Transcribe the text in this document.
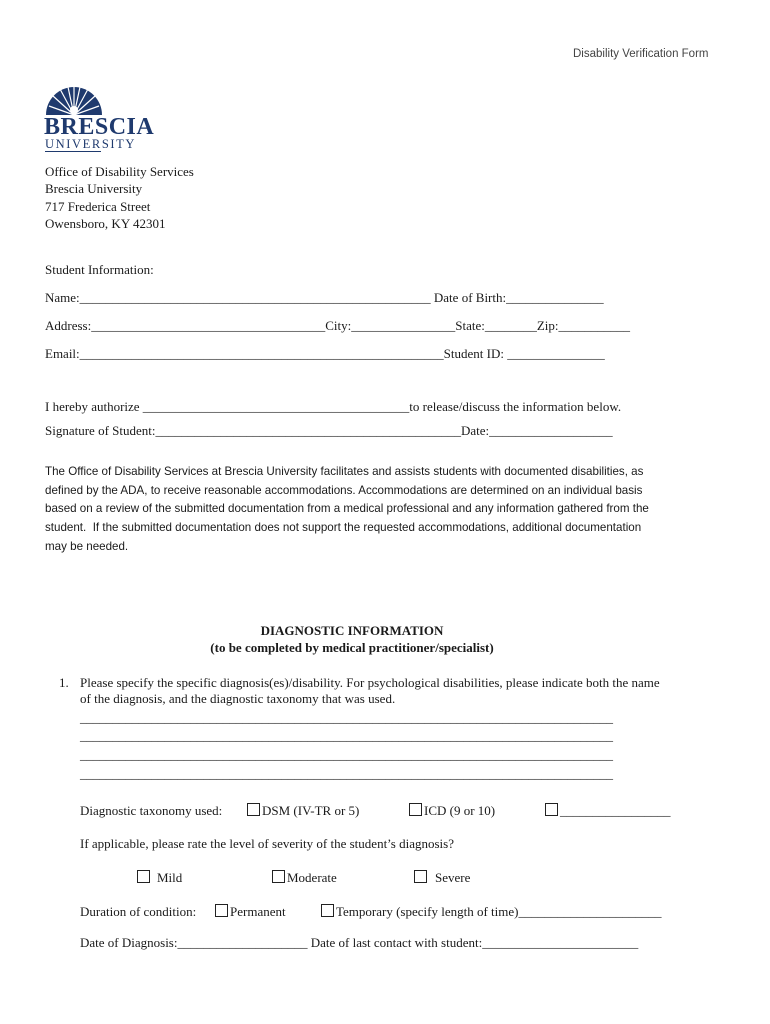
Disability Verification Form

BRESCIA

UNIVERSITY

Office of Disability Services
Brescia University
717 Frederica Street
Owensboro, KY 42301
Student Information:
Name:______________________________________________________ Date of Birth:_______________
Address:____________________________________City:________________State:________Zip:___________
Email:________________________________________________________Student ID: _______________
I hereby authorize _________________________________________to release/discuss the information below.
Signature of Student:_______________________________________________Date:___________________
The Office of Disability Services at Brescia University facilitates and assists students with documented disabilities, as
defined by the ADA, to receive reasonable accommodations. Accommodations are determined on an individual basis
based on a review of the submitted documentation from a medical professional and any information gathered from the
student.  If the submitted documentation does not support the requested accommodations, additional documentation
may be needed.
DIAGNOSTIC INFORMATION
(to be completed by medical practitioner/specialist)
1. Please specify the specific diagnosis(es)/disability. For psychological disabilities, please indicate both the name
of the diagnosis, and the diagnostic taxonomy that was used.
__________________________________________________________________________________
__________________________________________________________________________________
__________________________________________________________________________________
__________________________________________________________________________________
Diagnostic taxonomy used:	DSM (IV-TR or 5)	ICD (9 or 10)	_________________
If applicable, please rate the level of severity of the student’s diagnosis?
Mild	Moderate	Severe
Duration of condition:	Permanent	Temporary (specify length of time)______________________
Date of Diagnosis:____________________ Date of last contact with student:________________________
